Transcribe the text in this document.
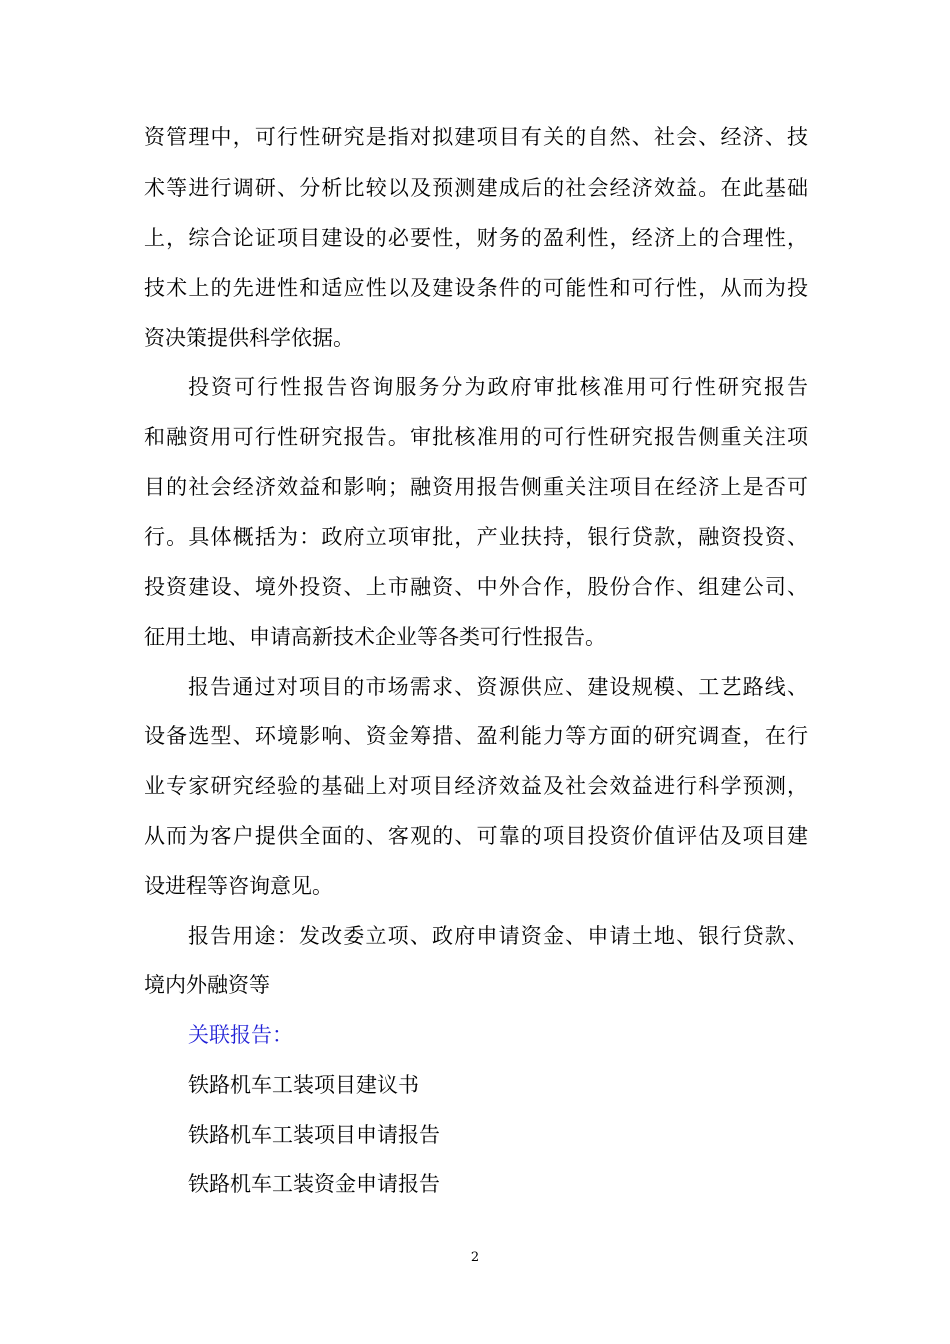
资管理中，可行性研究是指对拟建项目有关的自然、社会、经济、技
术等进行调研、分析比较以及预测建成后的社会经济效益。在此基础
上，综合论证项目建设的必要性，财务的盈利性，经济上的合理性，
技术上的先进性和适应性以及建设条件的可能性和可行性，从而为投
资决策提供科学依据。
投资可行性报告咨询服务分为政府审批核准用可行性研究报告
和融资用可行性研究报告。审批核准用的可行性研究报告侧重关注项
目的社会经济效益和影响；融资用报告侧重关注项目在经济上是否可
行。具体概括为：政府立项审批，产业扶持，银行贷款，融资投资、
投资建设、境外投资、上市融资、中外合作，股份合作、组建公司、
征用土地、申请高新技术企业等各类可行性报告。
报告通过对项目的市场需求、资源供应、建设规模、工艺路线、
设备选型、环境影响、资金筹措、盈利能力等方面的研究调查，在行
业专家研究经验的基础上对项目经济效益及社会效益进行科学预测，
从而为客户提供全面的、客观的、可靠的项目投资价值评估及项目建
设进程等咨询意见。
报告用途：发改委立项、政府申请资金、申请土地、银行贷款、
境内外融资等
关联报告：
铁路机车工装项目建议书
铁路机车工装项目申请报告
铁路机车工装资金申请报告
2
